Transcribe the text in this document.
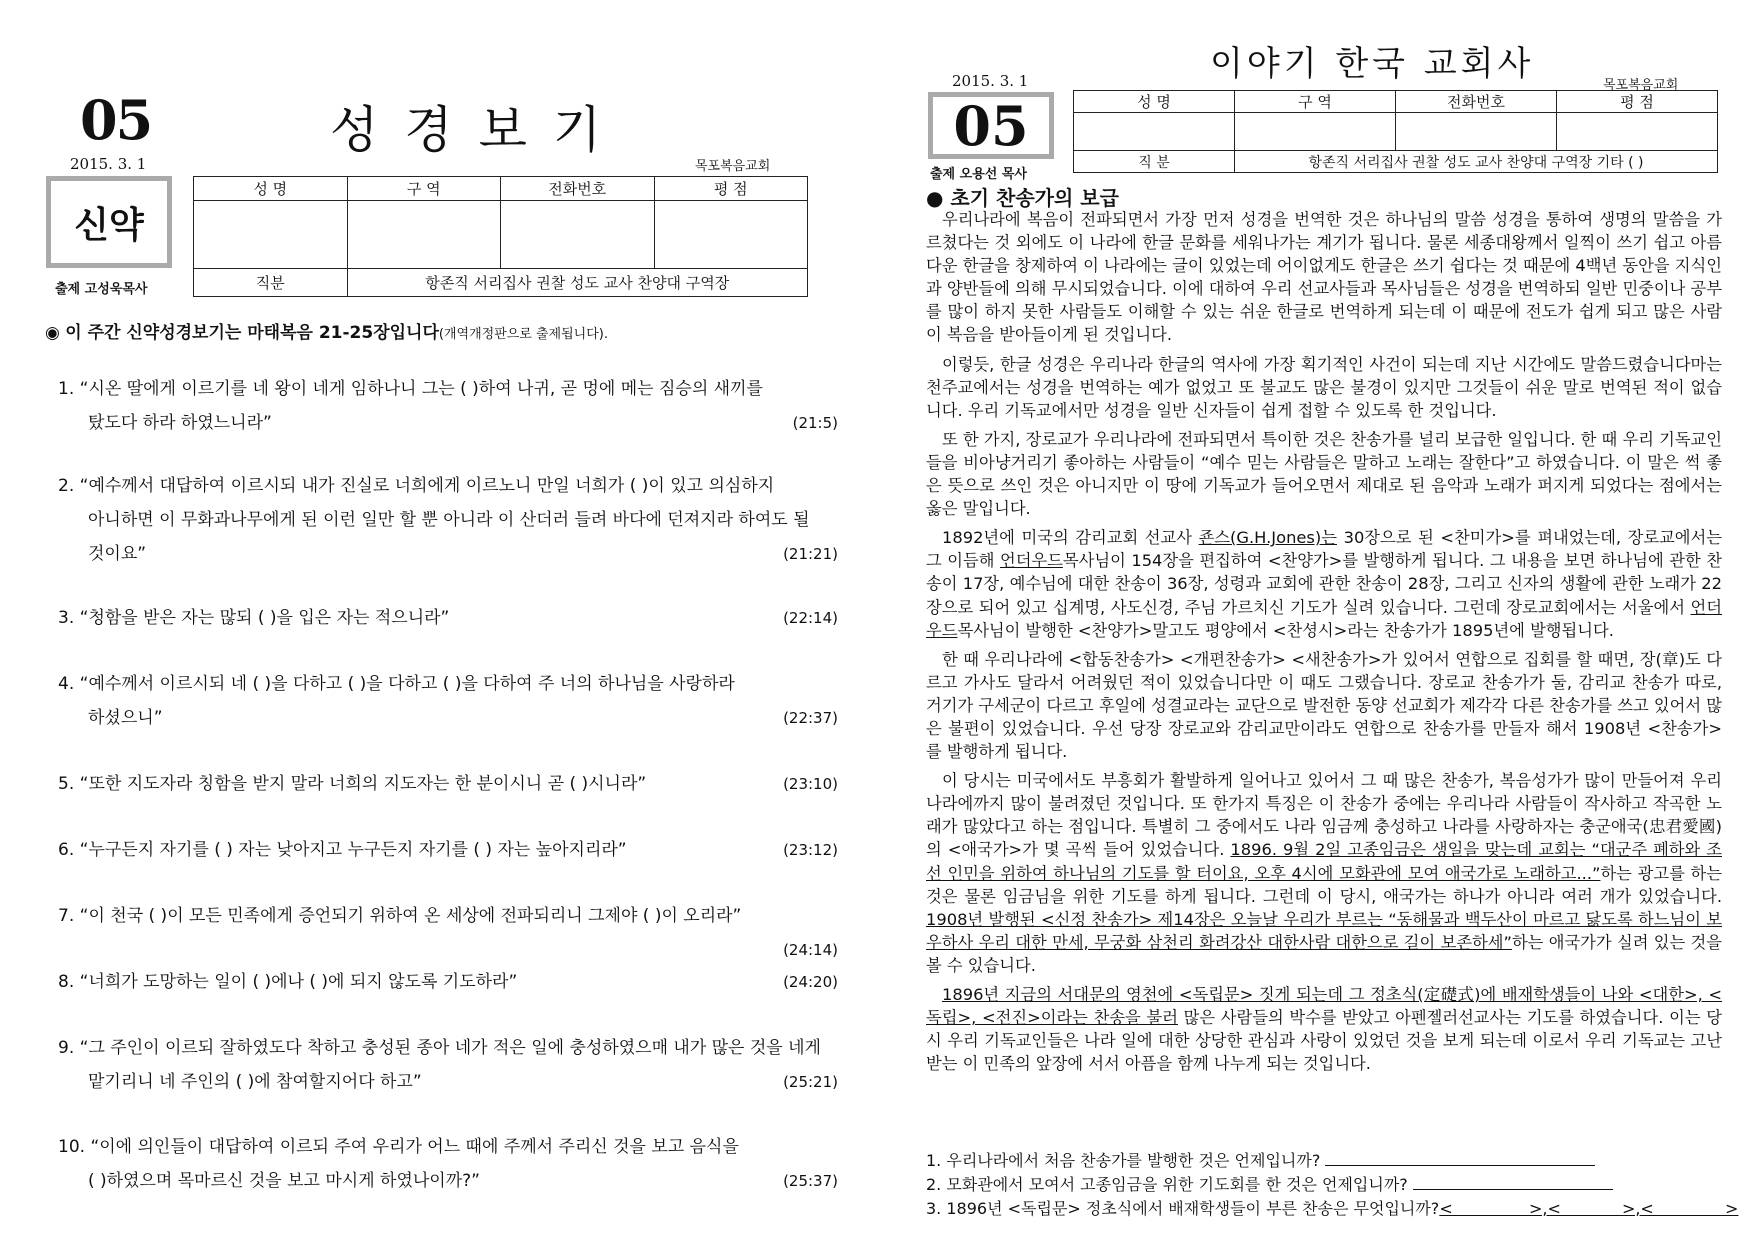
05	성경보기
2015. 3. 1	목포복음교회
신약
출제 고성욱목사
성 명	구 역	전화번호	평 점

직분	항존직 서리집사 권찰 성도 교사 찬양대 구역장		
◉ 이 주간 신약성경보기는 마태복음 21-25장입니다(개역개정판으로 출제됩니다).
1. “시온 딸에게 이르기를 네 왕이 네게 임하나니 그는 ( )하여 나귀, 곧 멍에 메는 짐승의 새끼를
탔도다 하라 하였느니라”	(21:5)
2. “예수께서 대답하여 이르시되 내가 진실로 너희에게 이르노니 만일 너희가 ( )이 있고 의심하지
아니하면 이 무화과나무에게 된 이런 일만 할 뿐 아니라 이 산더러 들려 바다에 던져지라 하여도 될
것이요”	(21:21)
3. “청함을 받은 자는 많되 ( )을 입은 자는 적으니라”	(22:14)
4. “예수께서 이르시되 네 ( )을 다하고 ( )을 다하고 ( )을 다하여 주 너의 하나님을 사랑하라
하셨으니”	(22:37)
5. “또한 지도자라 칭함을 받지 말라 너희의 지도자는 한 분이시니 곧 ( )시니라”	(23:10)
6. “누구든지 자기를 ( ) 자는 낮아지고 누구든지 자기를 ( ) 자는 높아지리라”	(23:12)
7. “이 천국 ( )이 모든 민족에게 증언되기 위하여 온 세상에 전파되리니 그제야 ( )이 오리라”

(24:14)
8. “너희가 도망하는 일이 ( )에나 ( )에 되지 않도록 기도하라”	(24:20)
9. “그 주인이 이르되 잘하였도다 착하고 충성된 종아 네가 적은 일에 충성하였으매 내가 많은 것을 네게
맡기리니 네 주인의 ( )에 참여할지어다 하고”	(25:21)
10. “이에 의인들이 대답하여 이르되 주여 우리가 어느 때에 주께서 주리신 것을 보고 음식을
( )하였으며 목마르신 것을 보고 마시게 하였나이까?”	(25:37)
이야기 한국 교회사
2015. 3. 1	목포복음교회
05
출제 오용선 목사
성 명	구 역	전화번호	평 점

직 분	항존직 서리집사 권찰 성도 교사 찬양대 구역장 기타 ( )		
● 초기 찬송가의 보급

우리나라에 복음이 전파되면서 가장 먼저 성경을 번역한 것은 하나님의 말씀 성경을 통하여 생명의 말씀을 가르쳤다는 것 외에도 이 나라에 한글 문화를 세워나가는 계기가 됩니다. 물론 세종대왕께서 일찍이 쓰기 쉽고 아름다운 한글을 창제하여 이 나라에는 글이 있었는데 어이없게도 한글은 쓰기 쉽다는 것 때문에 4백년 동안을 지식인과 양반들에 의해 무시되었습니다. 이에 대하여 우리 선교사들과 목사님들은 성경을 번역하되 일반 민중이나 공부를 많이 하지 못한 사람들도 이해할 수 있는 쉬운 한글로 번역하게 되는데 이 때문에 전도가 쉽게 되고 많은 사람이 복음을 받아들이게 된 것입니다.

이렇듯, 한글 성경은 우리나라 한글의 역사에 가장 획기적인 사건이 되는데 지난 시간에도 말씀드렸습니다마는 천주교에서는 성경을 번역하는 예가 없었고 또 불교도 많은 불경이 있지만 그것들이 쉬운 말로 번역된 적이 없습니다. 우리 기독교에서만 성경을 일반 신자들이 쉽게 접할 수 있도록 한 것입니다.

또 한 가지, 장로교가 우리나라에 전파되면서 특이한 것은 찬송가를 널리 보급한 일입니다. 한 때 우리 기독교인들을 비아냥거리기 좋아하는 사람들이 “예수 믿는 사람들은 말하고 노래는 잘한다”고 하였습니다. 이 말은 썩 좋은 뜻으로 쓰인 것은 아니지만 이 땅에 기독교가 들어오면서 제대로 된 음악과 노래가 퍼지게 되었다는 점에서는 옳은 말입니다.

1892년에 미국의 감리교회 선교사 죤스(G.H.Jones)는 30장으로 된 <찬미가>를 펴내었는데, 장로교에서는 그 이듬해 언더우드목사님이 154장을 편집하여 <찬양가>를 발행하게 됩니다. 그 내용을 보면 하나님에 관한 찬송이 17장, 예수님에 대한 찬송이 36장, 성령과 교회에 관한 찬송이 28장, 그리고 신자의 생활에 관한 노래가 22장으로 되어 있고 십계명, 사도신경, 주님 가르치신 기도가 실려 있습니다. 그런데 장로교회에서는 서울에서 언더우드목사님이 발행한 <찬양가>말고도 평양에서 <찬셩시>라는 찬송가가 1895년에 발행됩니다.

한 때 우리나라에 <합동찬송가> <개편찬송가> <새찬송가>가 있어서 연합으로 집회를 할 때면, 장(章)도 다르고 가사도 달라서 어려웠던 적이 있었습니다만 이 때도 그랬습니다. 장로교 찬송가가 둘, 감리교 찬송가 따로, 거기가 구세군이 다르고 후일에 성결교라는 교단으로 발전한 동양 선교회가 제각각 다른 찬송가를 쓰고 있어서 많은 불편이 있었습니다. 우선 당장 장로교와 감리교만이라도 연합으로 찬송가를 만들자 해서 1908년 <찬송가>를 발행하게 됩니다.

이 당시는 미국에서도 부흥회가 활발하게 일어나고 있어서 그 때 많은 찬송가, 복음성가가 많이 만들어져 우리나라에까지 많이 불려졌던 것입니다. 또 한가지 특징은 이 찬송가 중에는 우리나라 사람들이 작사하고 작곡한 노래가 많았다고 하는 점입니다. 특별히 그 중에서도 나라 임금께 충성하고 나라를 사랑하자는 충군애국(忠君愛國)의 <애국가>가 몇 곡씩 들어 있었습니다. 1896. 9월 2일 고종임금은 생일을 맞는데 교회는 “대군주 폐하와 조선 인민을 위하여 하나님의 기도를 할 터이요, 오후 4시에 모화관에 모여 애국가로 노래하고...”하는 광고를 하는 것은 물론 임금님을 위한 기도를 하게 됩니다. 그런데 이 당시, 애국가는 하나가 아니라 여러 개가 있었습니다. 1908년 발행된 <신정 찬송가> 제14장은 오늘날 우리가 부르는 “동해물과 백두산이 마르고 닳도록 하느님이 보우하사 우리 대한 만세, 무궁화 삼천리 화려강산 대한사람 대한으로 길이 보존하세”하는 애국가가 실려 있는 것을 볼 수 있습니다.

1896년 지금의 서대문의 영천에 <독립문> 짓게 되는데 그 정초식(定礎式)에 배재학생들이 나와 <대한>, <독립>, <전진>이라는 찬송을 불러 많은 사람들의 박수를 받았고 아펜젤러선교사는 기도를 하였습니다. 이는 당시 우리 기독교인들은 나라 일에 대한 상당한 관심과 사랑이 있었던 것을 보게 되는데 이로서 우리 기독교는 고난받는 이 민족의 앞장에 서서 아픔을 함께 나누게 되는 것입니다.

1. 우리나라에서 처음 찬송가를 발행한 것은 언제입니까?
2. 모화관에서 모여서 고종임금을 위한 기도회를 한 것은 언제입니까?
3. 1896년 <독립문> 정초식에서 배재학생들이 부른 찬송은 무엇입니까?<               >,<            >,<              >
